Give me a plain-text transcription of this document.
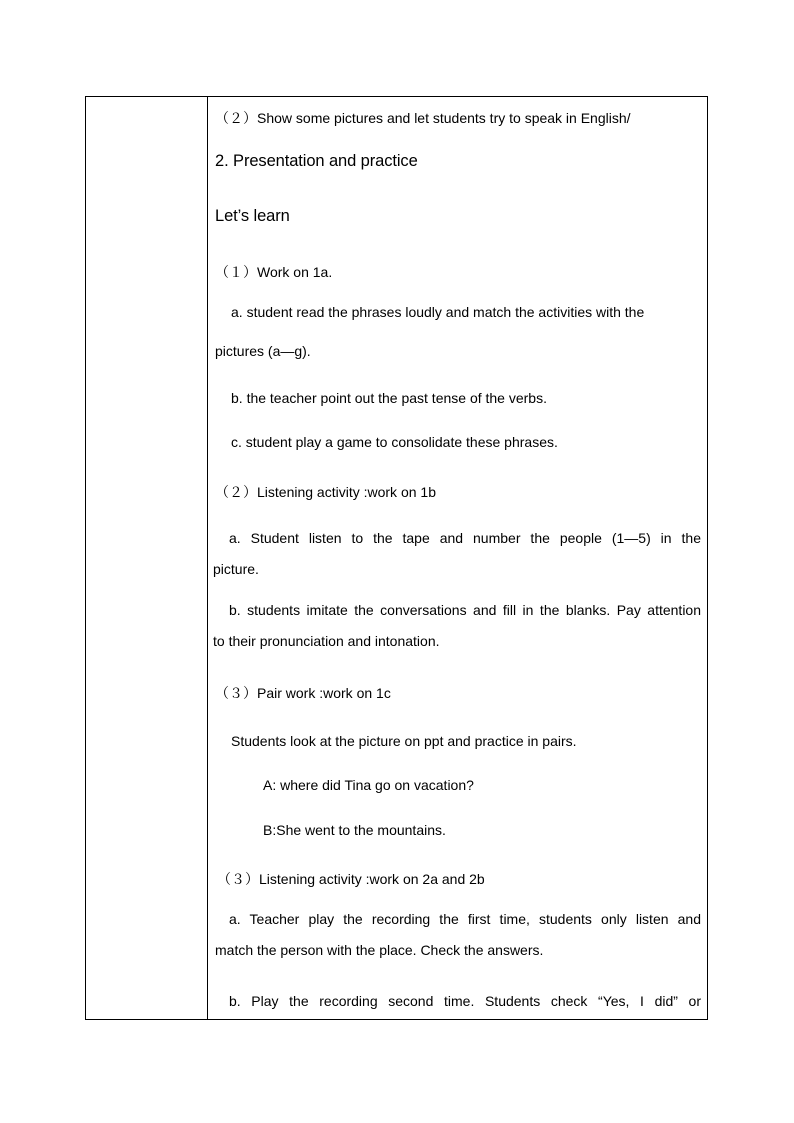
（２）Show some pictures and let students try to speak in English/
2. Presentation and practice
Let’s learn
（１）Work on 1a.
a. student read the phrases loudly and match the activities with the
pictures (a—g).
b. the teacher point out the past tense of the verbs.
c. student play a game to consolidate these phrases.
（２）Listening activity :work on 1b
a. Student listen to the tape and number the people (1—5) in the
picture.
b. students imitate the conversations and fill in the blanks. Pay attention
to their pronunciation and intonation.
（３）Pair work :work on 1c
Students look at the picture on ppt and practice in pairs.
A: where did Tina go on vacation?
B:She went to the mountains.
（３）Listening activity :work on 2a and 2b
a. Teacher play the recording the first time, students only listen and
match the person with the place. Check the answers.
b. Play the recording second time. Students check “Yes, I did” or
